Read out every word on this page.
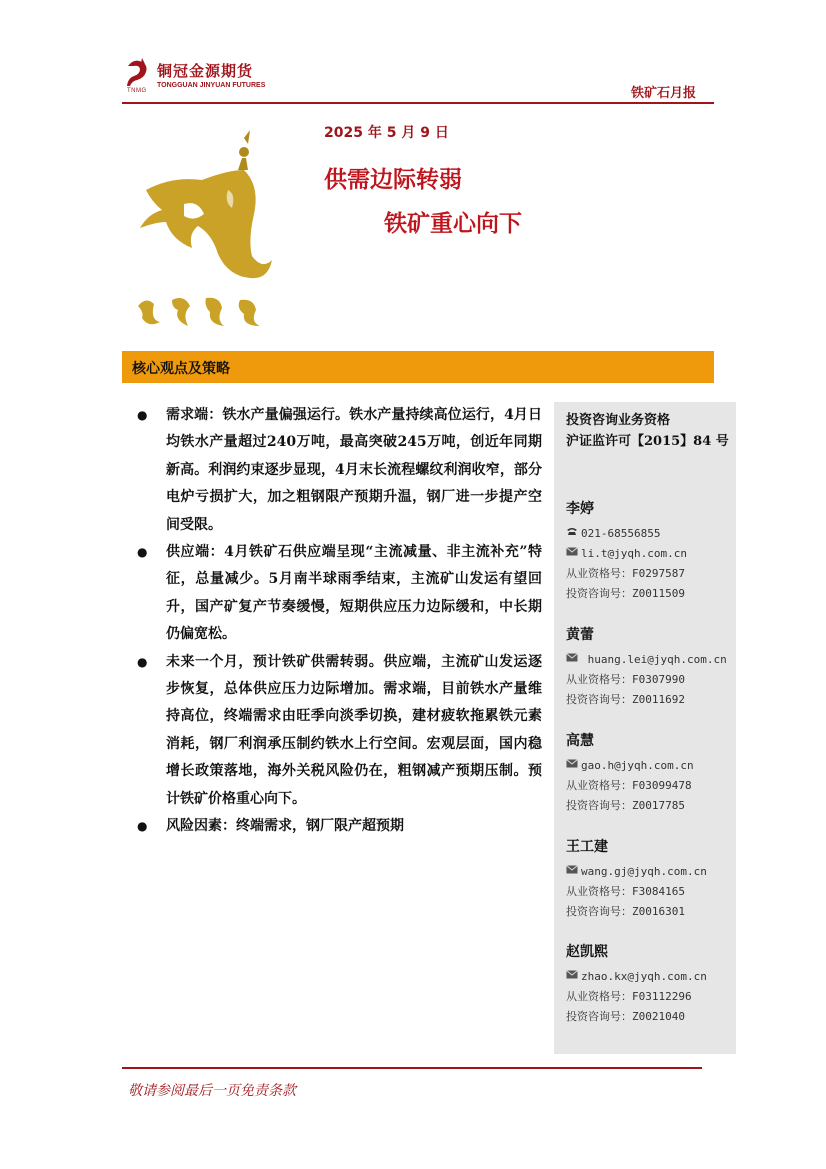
TNMG
铜冠金源期货
TONGGUAN JINYUAN FUTURES
铁矿石月报
2025 年 5 月 9 日
供需边际转弱
铁矿重心向下
核心观点及策略
● 需求端：铁水产量偏强运行。铁水产量持续高位运行，4月日均铁水产量超过240万吨，最高突破245万吨，创近年同期新高。利润约束逐步显现，4月末长流程螺纹利润收窄，部分电炉亏损扩大，加之粗钢限产预期升温，钢厂进一步提产空间受限。
● 供应端：4月铁矿石供应端呈现“主流减量、非主流补充”特征，总量减少。5月南半球雨季结束，主流矿山发运有望回升，国产矿复产节奏缓慢，短期供应压力边际缓和，中长期仍偏宽松。
● 未来一个月，预计铁矿供需转弱。供应端，主流矿山发运逐步恢复，总体供应压力边际增加。需求端，目前铁水产量维持高位，终端需求由旺季向淡季切换，建材疲软拖累铁元素消耗，钢厂利润承压制约铁水上行空间。宏观层面，国内稳增长政策落地，海外关税风险仍在，粗钢减产预期压制。预计铁矿价格重心向下。
● 风险因素：终端需求，钢厂限产超预期
投资咨询业务资格
沪证监许可【2015】84 号
李婷
021-68556855
li.t@jyqh.com.cn
从业资格号：F0297587
投资咨询号：Z0011509
黄蕾
huang.lei@jyqh.com.cn
从业资格号：F0307990
投资咨询号：Z0011692
高慧
gao.h@jyqh.com.cn
从业资格号：F03099478
投资咨询号：Z0017785
王工建
wang.gj@jyqh.com.cn
从业资格号：F3084165
投资咨询号：Z0016301
赵凯熙
zhao.kx@jyqh.com.cn
从业资格号：F03112296
投资咨询号：Z0021040
敬请参阅最后一页免责条款
